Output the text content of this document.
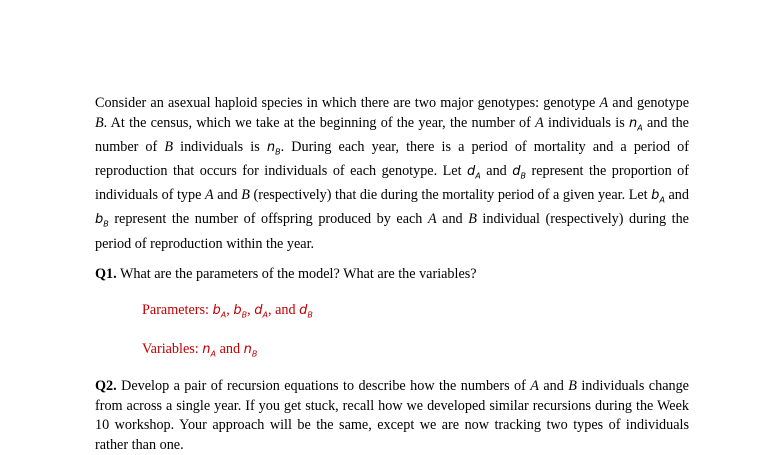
Consider an asexual haploid species in which there are two major genotypes: genotype A and genotype B. At the census, which we take at the beginning of the year, the number of A individuals is $n_A$ and the number of B individuals is $n_B$. During each year, there is a period of mortality and a period of reproduction that occurs for individuals of each genotype. Let $d_A$ and $d_B$ represent the proportion of individuals of type A and B (respectively) that die during the mortality period of a given year. Let $b_A$ and $b_B$ represent the number of offspring produced by each A and B individual (respectively) during the period of reproduction within the year.
Q1. What are the parameters of the model? What are the variables?
Parameters: $b_A$, $b_B$, $d_A$, and $d_B$
Variables: $n_A$ and $n_B$
Q2. Develop a pair of recursion equations to describe how the numbers of A and B individuals change from across a single year. If you get stuck, recall how we developed similar recursions during the Week 10 workshop. Your approach will be the same, except we are now tracking two types of individuals rather than one.
